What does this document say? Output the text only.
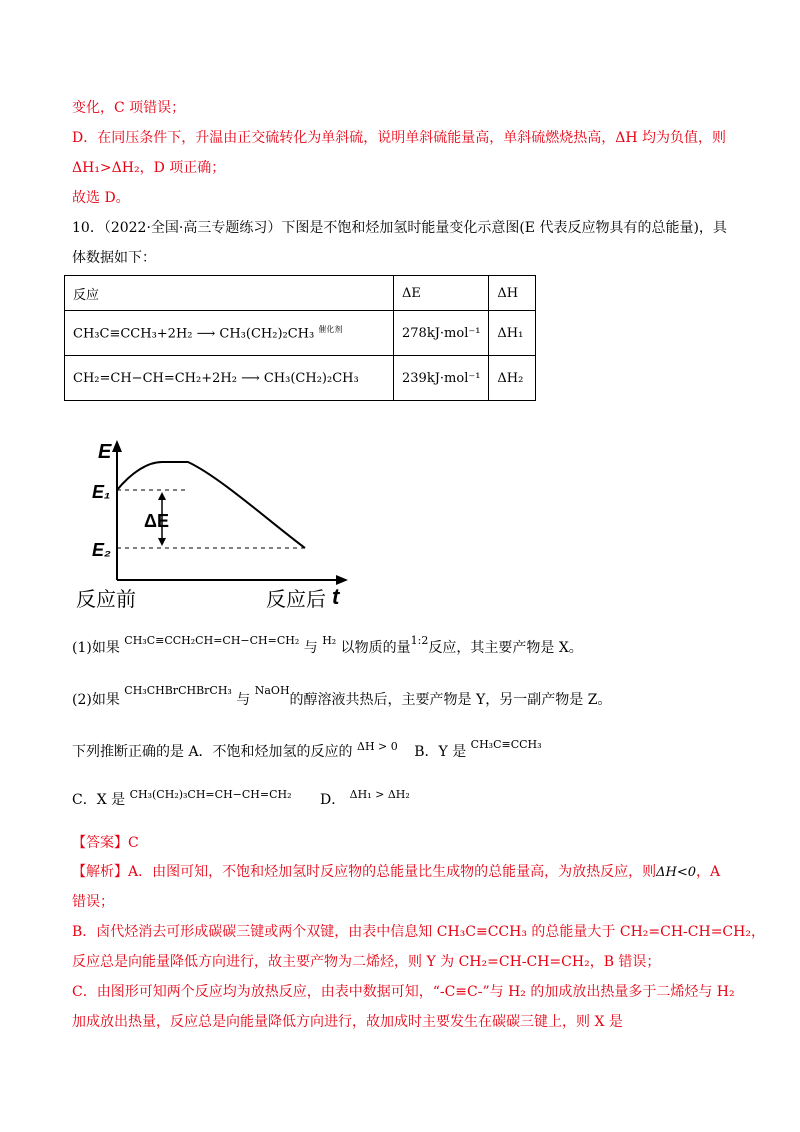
变化，C 项错误；
D．在同压条件下，升温由正交硫转化为单斜硫，说明单斜硫能量高，单斜硫燃烧热高，ΔH 均为负值，则
ΔH₁>ΔH₂，D 项正确；
故选 D。
10．（2022·全国·高三专题练习）下图是不饱和烃加氢时能量变化示意图(E 代表反应物具有的总能量)，具
体数据如下：
反应	ΔE	ΔH
CH₃C≡CCH₃+2H₂ ⟶ CH₃(CH₂)₂CH₃ $^{催化剂}$	278kJ·mol⁻¹	ΔH₁
CH₂=CH−CH=CH₂+2H₂ ⟶ CH₃(CH₂)₂CH₃	239kJ·mol⁻¹	ΔH₂
E
E₁
E₂
ΔE
t
反应前	反应后
(1)如果 $^{CH_3C\equiv CCH_2CH=CH-CH=CH_2}$ 与 $^{H_2}$ 以物质的量$^{1:2}$反应，其主要产物是 X。
(2)如果 $^{CH_3CHBrCHBrCH_3}$ 与 $^{NaOH}$的醇溶液共热后，主要产物是 Y，另一副产物是 Z。
下列推断正确的是 A．不饱和烃加氢的反应的 $^{\Delta H > 0}$ B．Y 是 $^{CH_3C\equiv CCH_3}$
C．X 是 $^{CH_3(CH_2)_3CH=CH-CH=CH_2}$ D． $^{\Delta H_1 > \Delta H_2}$
【答案】C
【解析】A．由图可知，不饱和烃加氢时反应物的总能量比生成物的总能量高，为放热反应，则ΔH<0，A
错误；
B．卤代烃消去可形成碳碳三键或两个双键，由表中信息知 CH₃C≡CCH₃ 的总能量大于 CH₂=CH-CH=CH₂，
反应总是向能量降低方向进行，故主要产物为二烯烃，则 Y 为 CH₂=CH-CH=CH₂，B 错误；
C．由图形可知两个反应均为放热反应，由表中数据可知，“-C≡C-”与 H₂ 的加成放出热量多于二烯烃与 H₂
加成放出热量，反应总是向能量降低方向进行，故加成时主要发生在碳碳三键上，则 X 是
